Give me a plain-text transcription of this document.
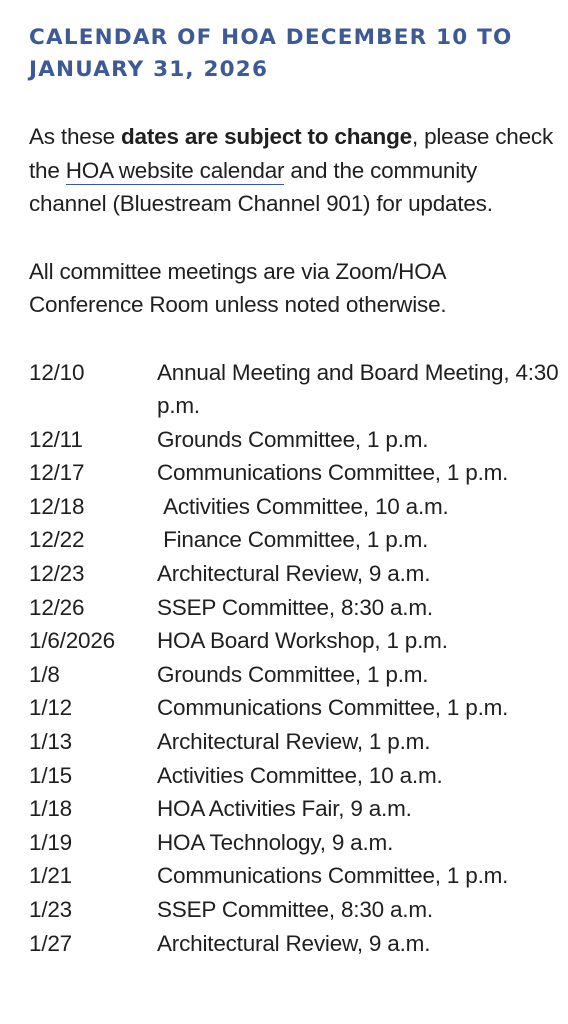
CALENDAR OF HOA DECEMBER 10 TO JANUARY 31, 2026

As these dates are subject to change, please check the HOA website calendar and the community channel (Bluestream Channel 901) for updates.

All committee meetings are via Zoom/HOA Conference Room unless noted otherwise.

12/10	Annual Meeting and Board Meeting, 4:30 p.m.
12/11	Grounds Committee, 1 p.m.
12/17	Communications Committee, 1 p.m.
12/18	Activities Committee, 10 a.m.
12/22	Finance Committee, 1 p.m.
12/23	Architectural Review, 9 a.m.
12/26	SSEP Committee, 8:30 a.m.
1/6/2026	HOA Board Workshop, 1 p.m.
1/8	Grounds Committee, 1 p.m.
1/12	Communications Committee, 1 p.m.
1/13	Architectural Review, 1 p.m.
1/15	Activities Committee, 10 a.m.
1/18	HOA Activities Fair, 9 a.m.
1/19	HOA Technology, 9 a.m.
1/21	Communications Committee, 1 p.m.
1/23	SSEP Committee, 8:30 a.m.
1/27	Architectural Review, 9 a.m.
